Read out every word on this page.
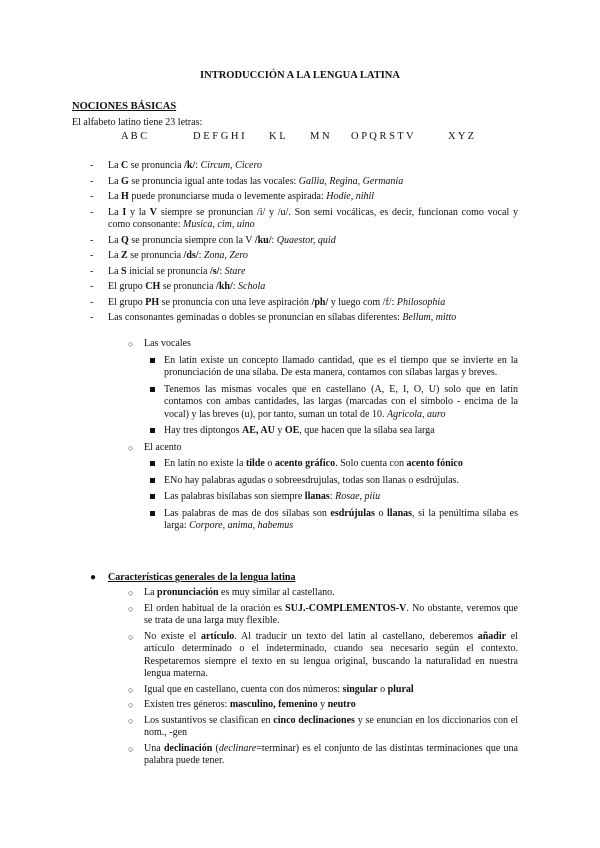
INTRODUCCIÓN A LA LENGUA LATINA
NOCIONES BÁSICAS
El alfabeto latino tiene 23 letras:
A B C	D E F G H I K L M N O P Q R S T V	X Y Z
- La C se pronuncia /k/: Circum, Cicero
- La G se pronuncia igual ante todas las vocales: Gallia, Regina, Germania
- La H puede pronunciarse muda o levemente aspirada: Hodie, nihil
- La I y la V siempre se pronuncian /i/ y /u/. Son semi vocálicas, es decir, funcionan como vocal y como consonante: Musica, cim, uino
- La Q se pronuncia siempre con la V /ku/: Quaestor, quid
- La Z se pronuncia /ds/: Zona, Zero
- La S inicial se pronuncia /s/: Stare
- El grupo CH se pronuncia /kh/: Schola
- El grupo PH se pronuncia con una leve aspiración /ph/ y luego com /f/: Philosophia
- Las consonantes geminadas o dobles se pronuncian en sílabas diferentes: Bellum, mitto
○ Las vocales
En latín existe un concepto llamado cantidad, que es el tiempo que se invierte en la pronunciación de una sílaba. De esta manera, contamos con sílabas largas y breves.
Tenemos las mismas vocales que en castellano (A, E, I, O, U) solo que en latín contamos con ambas cantidades, las largas (marcadas con el símbolo - encima de la vocal) y las breves (u), por tanto, suman un total de 10. Agricola, auro
Hay tres diptongos AE, AU y OE, que hacen que la sílaba sea larga
○ El acento
En latín no existe la tilde o acento gráfico. Solo cuenta con acento fónico
ENo hay palabras agudas o sobreesdrujulas, todas son llanas o esdrújulas.
Las palabras bisílabas son siempre llanas: Rosae, piiu
Las palabras de mas de dos sílabas son esdrújulas o llanas, si la penúltima sílaba es larga: Corpore, anima, habemus
● Características generales de la lengua latina
○ La pronunciación es muy similar al castellano.
○ El orden habitual de la oración es SUJ.-COMPLEMENTOS-V. No obstante, veremos que se trata de una larga muy flexible.
○ No existe el artículo. Al traducir un texto del latín al castellano, deberemos añadir el artículo determinado o el indeterminado, cuando sea necesario según el contexto. Respetaremos siempre el texto en su lengua original, buscando la naturalidad en nuestra lengua materna.
○ Igual que en castellano, cuenta con dos números: singular o plural
○ Existen tres géneros: masculino, femenino y neutro
○ Los sustantivos se clasifican en cinco declinaciones y se enuncian en los diccionarios con el nom., -gen
○ Una declinación (declinare=terminar) es el conjunto de las distintas terminaciones que una palabra puede tener.
